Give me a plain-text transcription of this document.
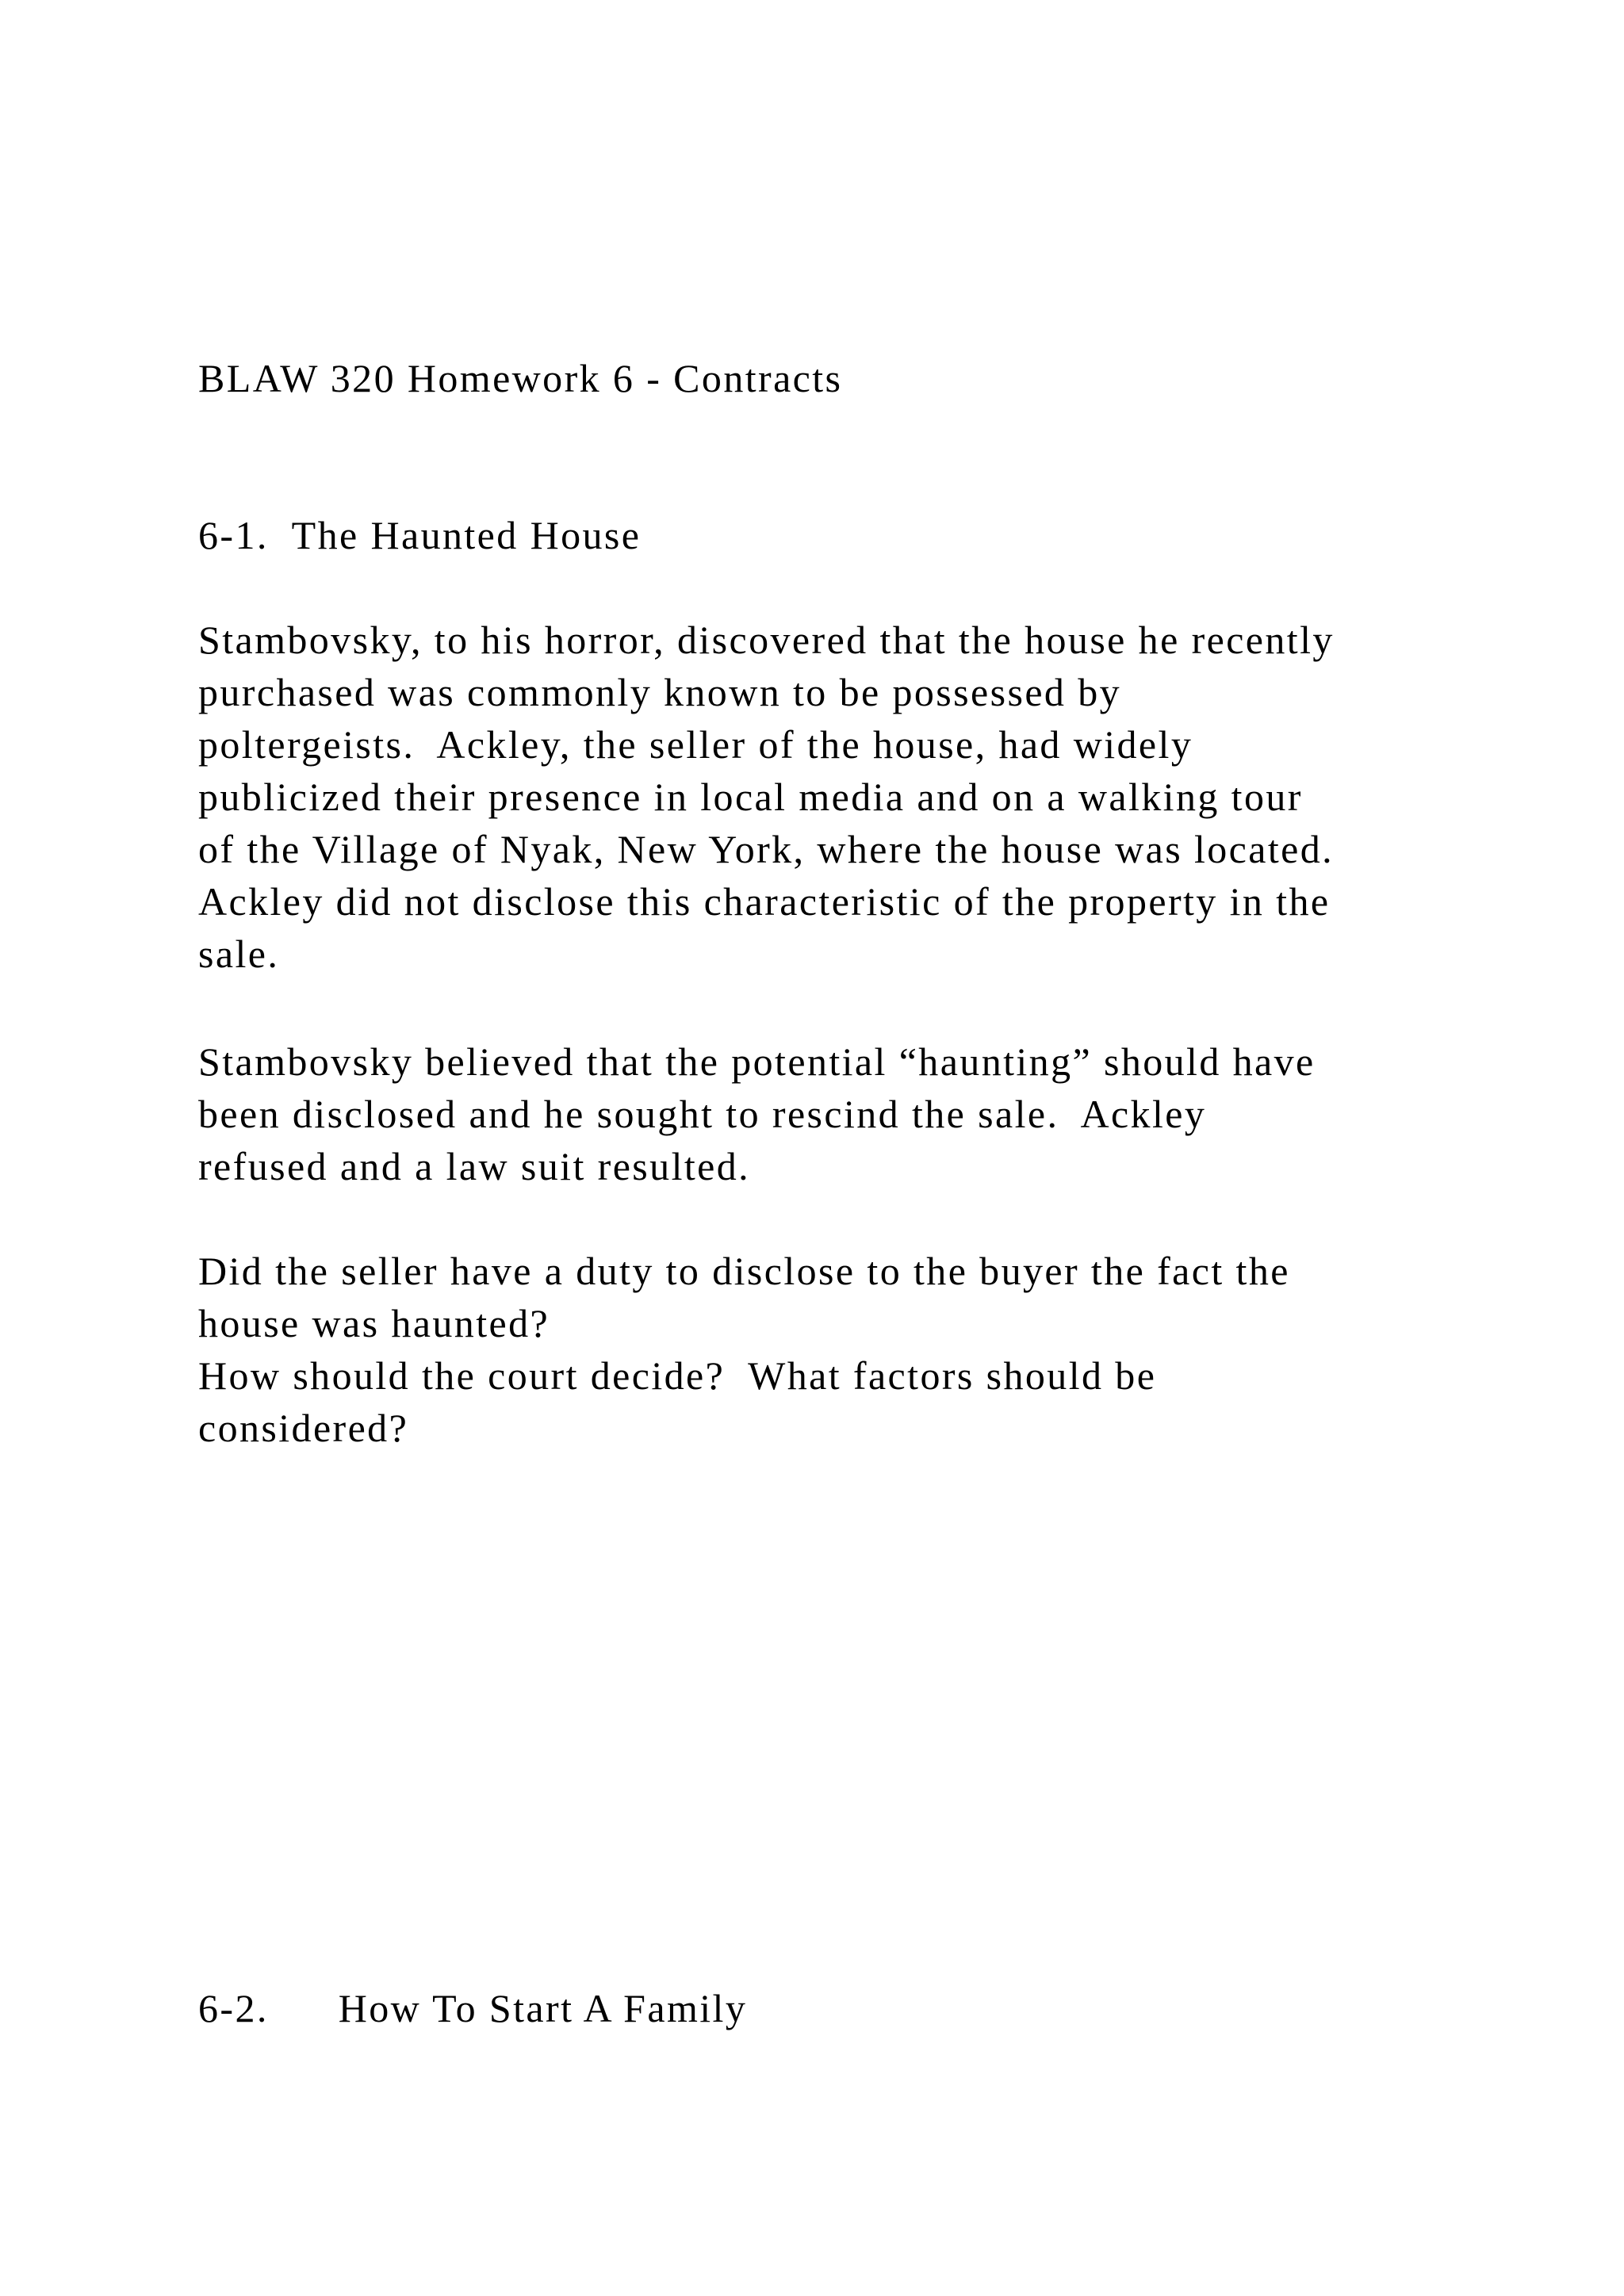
BLAW 320 Homework 6 - Contracts
6-1.  The Haunted House

Stambovsky, to his horror, discovered that the house he recently

purchased was commonly known to be possessed by

poltergeists.  Ackley, the seller of the house, had widely

publicized their presence in local media and on a walking tour

of the Village of Nyak, New York, where the house was located.

Ackley did not disclose this characteristic of the property in the

sale.

Stambovsky believed that the potential “haunting” should have

been disclosed and he sought to rescind the sale.  Ackley

refused and a law suit resulted.

Did the seller have a duty to disclose to the buyer the fact the

house was haunted?

How should the court decide?  What factors should be

considered?

6-2. How To Start A Family
